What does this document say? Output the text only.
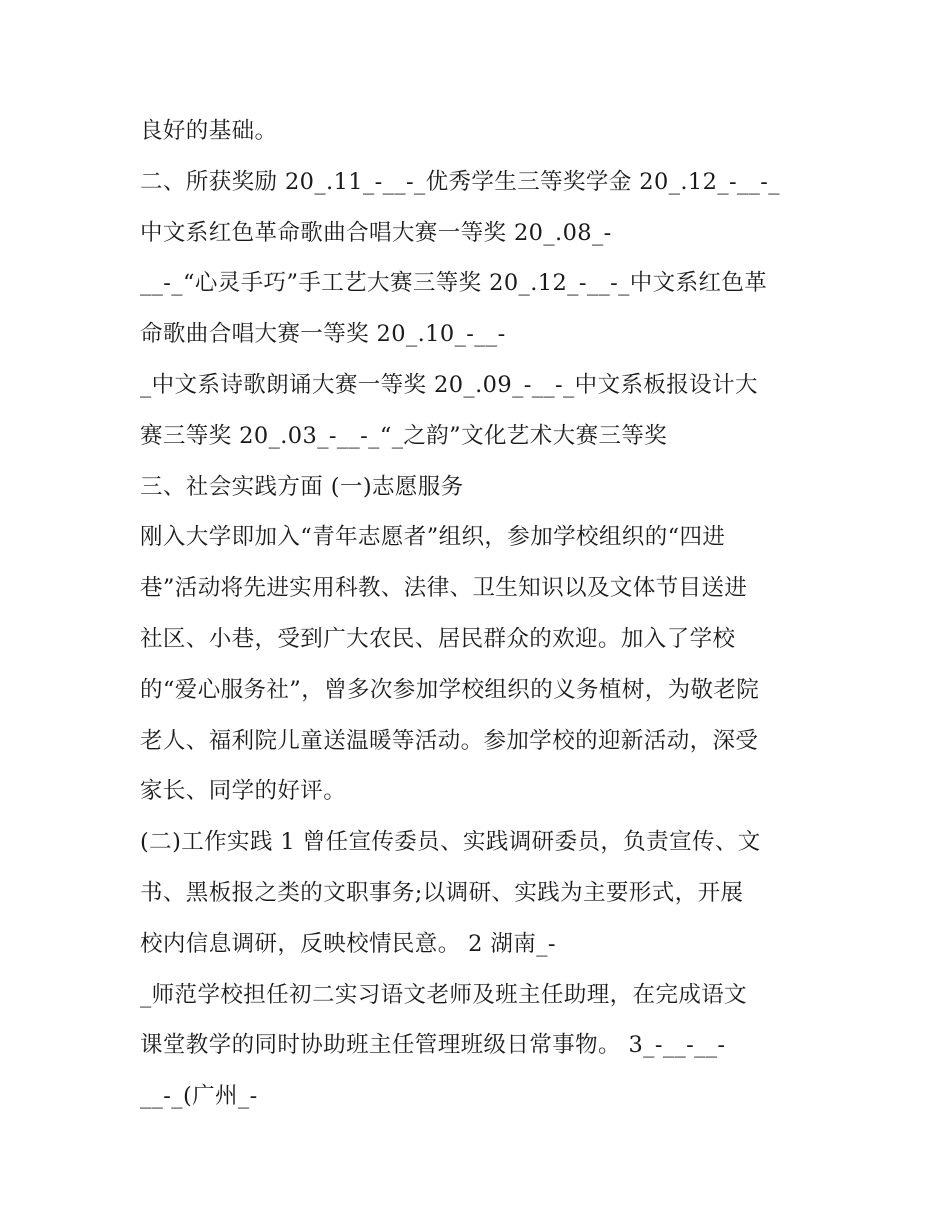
良好的基础。
二、所获奖励 20_.11_-__-_优秀学生三等奖学金 20_.12_-__-_
中文系红色革命歌曲合唱大赛一等奖 20_.08_-
__-_“心灵手巧”手工艺大赛三等奖 20_.12_-__-_中文系红色革
命歌曲合唱大赛一等奖 20_.10_-__-
_中文系诗歌朗诵大赛一等奖 20_.09_-__-_中文系板报设计大
赛三等奖 20_.03_-__-_“_之韵”文化艺术大赛三等奖
三、社会实践方面 (一)志愿服务
刚入大学即加入“青年志愿者”组织，参加学校组织的“四进
巷”活动将先进实用科教、法律、卫生知识以及文体节目送进
社区、小巷，受到广大农民、居民群众的欢迎。加入了学校
的“爱心服务社”，曾多次参加学校组织的义务植树，为敬老院
老人、福利院儿童送温暖等活动。参加学校的迎新活动，深受
家长、同学的好评。
(二)工作实践 1 曾任宣传委员、实践调研委员，负责宣传、文
书、黑板报之类的文职事务;以调研、实践为主要形式，开展
校内信息调研，反映校情民意。 2 湖南_-
_师范学校担任初二实习语文老师及班主任助理，在完成语文
课堂教学的同时协助班主任管理班级日常事物。 3_-__-__-
__-_(广州_-
